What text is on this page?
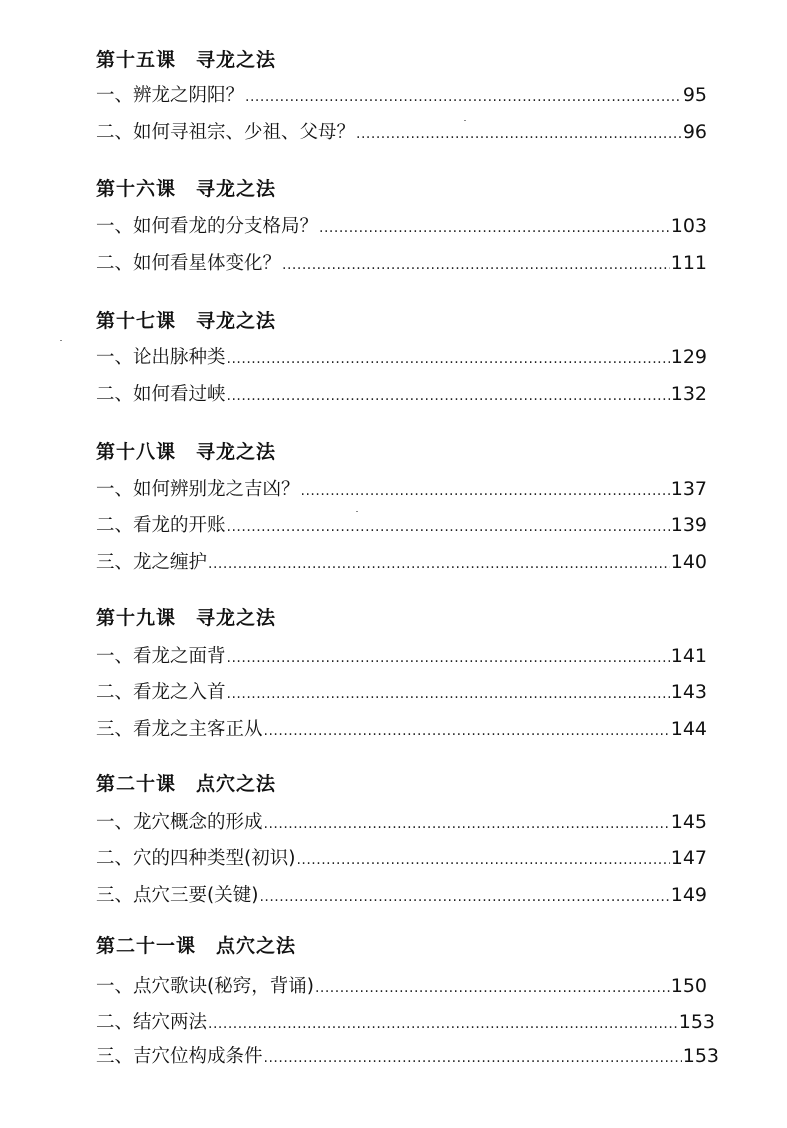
第十五课　寻龙之法
一、辨龙之阴阳？ .....	95
二、如何寻祖宗、少祖、父母？ .....	96
第十六课　寻龙之法
一、如何看龙的分支格局？ .....	103
二、如何看星体变化？ .....	111
第十七课　寻龙之法
一、论出脉种类 .....	129
二、如何看过峡 .....	132
第十八课　寻龙之法
一、如何辨别龙之吉凶？ .....	137
二、看龙的开账 .....	139
三、龙之缠护 .....	140
第十九课　寻龙之法
一、看龙之面背 .....	141
二、看龙之入首 .....	143
三、看龙之主客正从 .....	144
第二十课　点穴之法
一、龙穴概念的形成 .....	145
二、穴的四种类型(初识) .....	147
三、点穴三要(关键) .....	149
第二十一课　点穴之法
一、点穴歌诀(秘窍，背诵) .....	150
二、结穴两法 .....	153
三、吉穴位构成条件 .....	153
